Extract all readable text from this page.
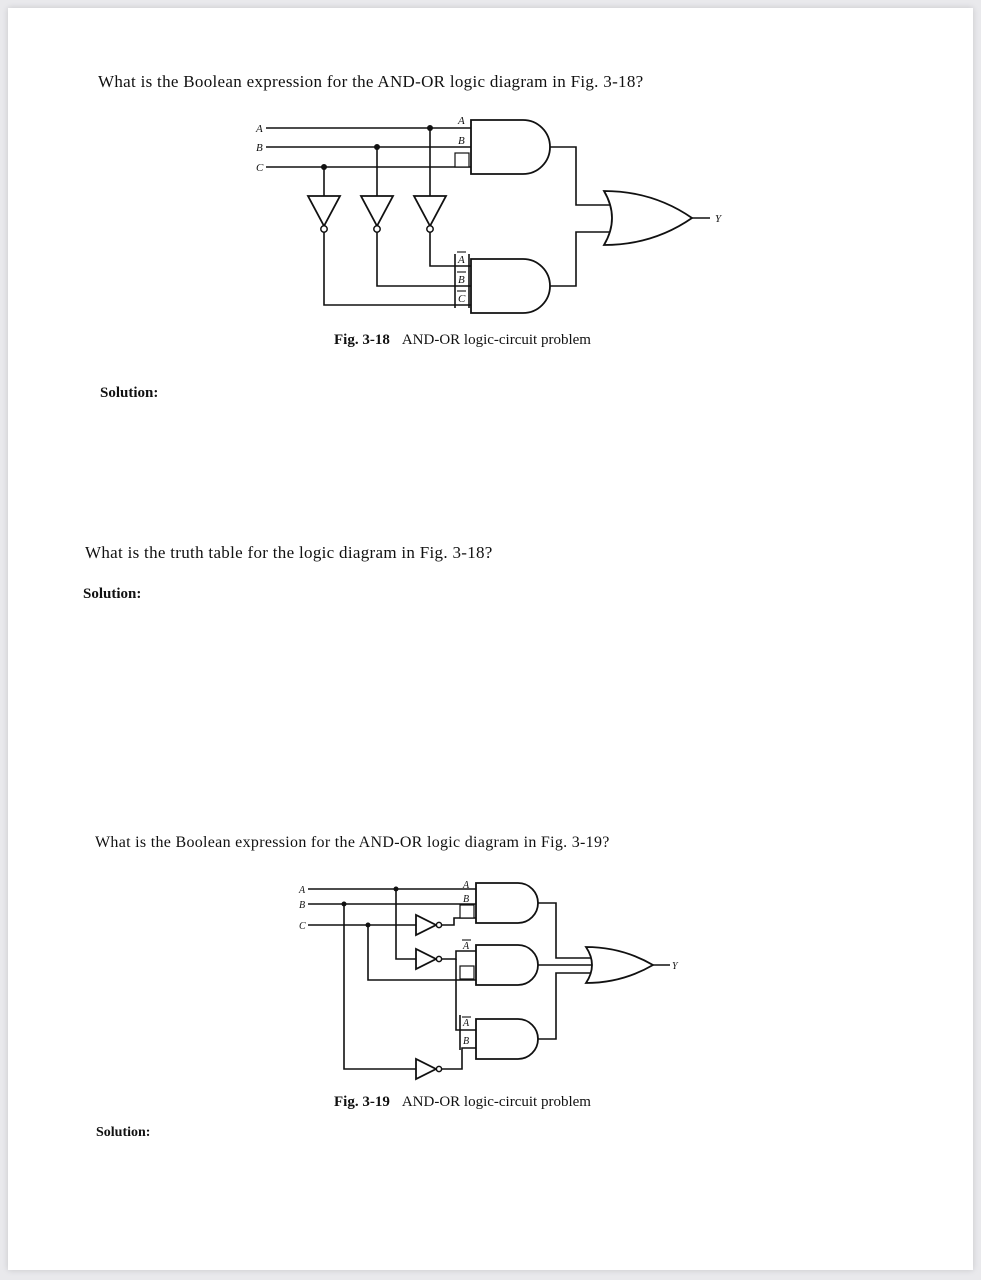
What is the Boolean expression for the AND-OR logic diagram in Fig. 3-18?
A
B
C
A
B
A
B
C
Y
Fig. 3-18 AND-OR logic-circuit problem
Solution:
What is the truth table for the logic diagram in Fig. 3-18?
Solution:
What is the Boolean expression for the AND-OR logic diagram in Fig. 3-19?
A
B
C
A
B
A
A
B
Y
Fig. 3-19 AND-OR logic-circuit problem
Solution:
